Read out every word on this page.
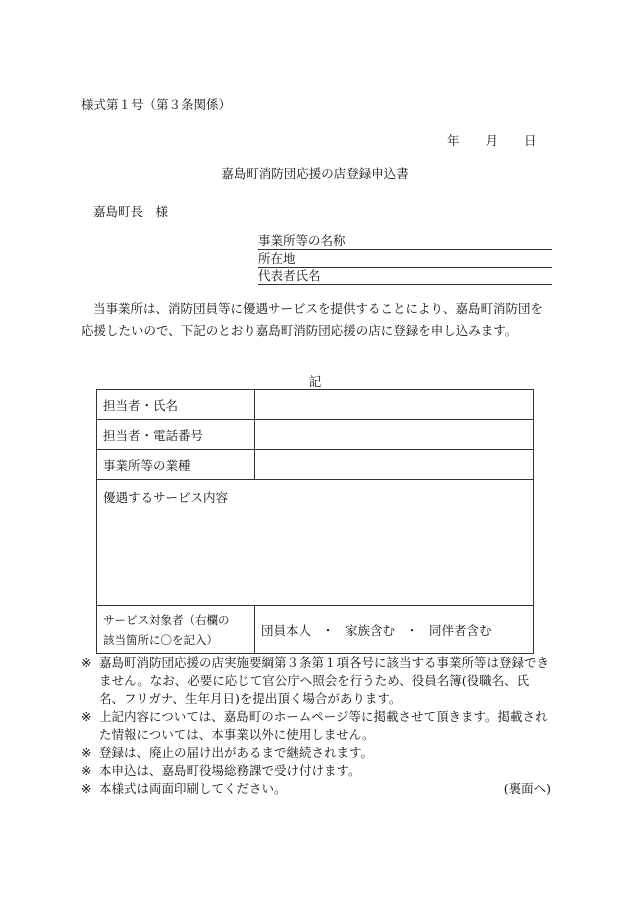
様式第１号（第３条関係）
年 月 日
嘉島町消防団応援の店登録申込書
嘉島町長　様
事業所等の名称
所在地
代表者氏名
当事業所は、消防団員等に優遇サービスを提供することにより、嘉島町消防団を応援したいので、下記のとおり嘉島町消防団応援の店に登録を申し込みます。
記
担当者・氏名	
担当者・電話番号	
事業所等の業種	
優遇するサービス内容	

サービス対象者（右欄の
該当箇所に〇を記入）	団員本人 ・ 家族含む ・ 同伴者含む
※ 嘉島町消防団応援の店実施要綱第３条第１項各号に該当する事業所等は登録できません。なお、必要に応じて官公庁へ照会を行うため、役員名簿(役職名、氏名、フリガナ、生年月日)を提出頂く場合があります。
※ 上記内容については、嘉島町のホームページ等に掲載させて頂きます。掲載された情報については、本事業以外に使用しません。
※ 登録は、廃止の届け出があるまで継続されます。
※ 本申込は、嘉島町役場総務課で受け付けます。
※ 本様式は両面印刷してください。	(裏面へ)
